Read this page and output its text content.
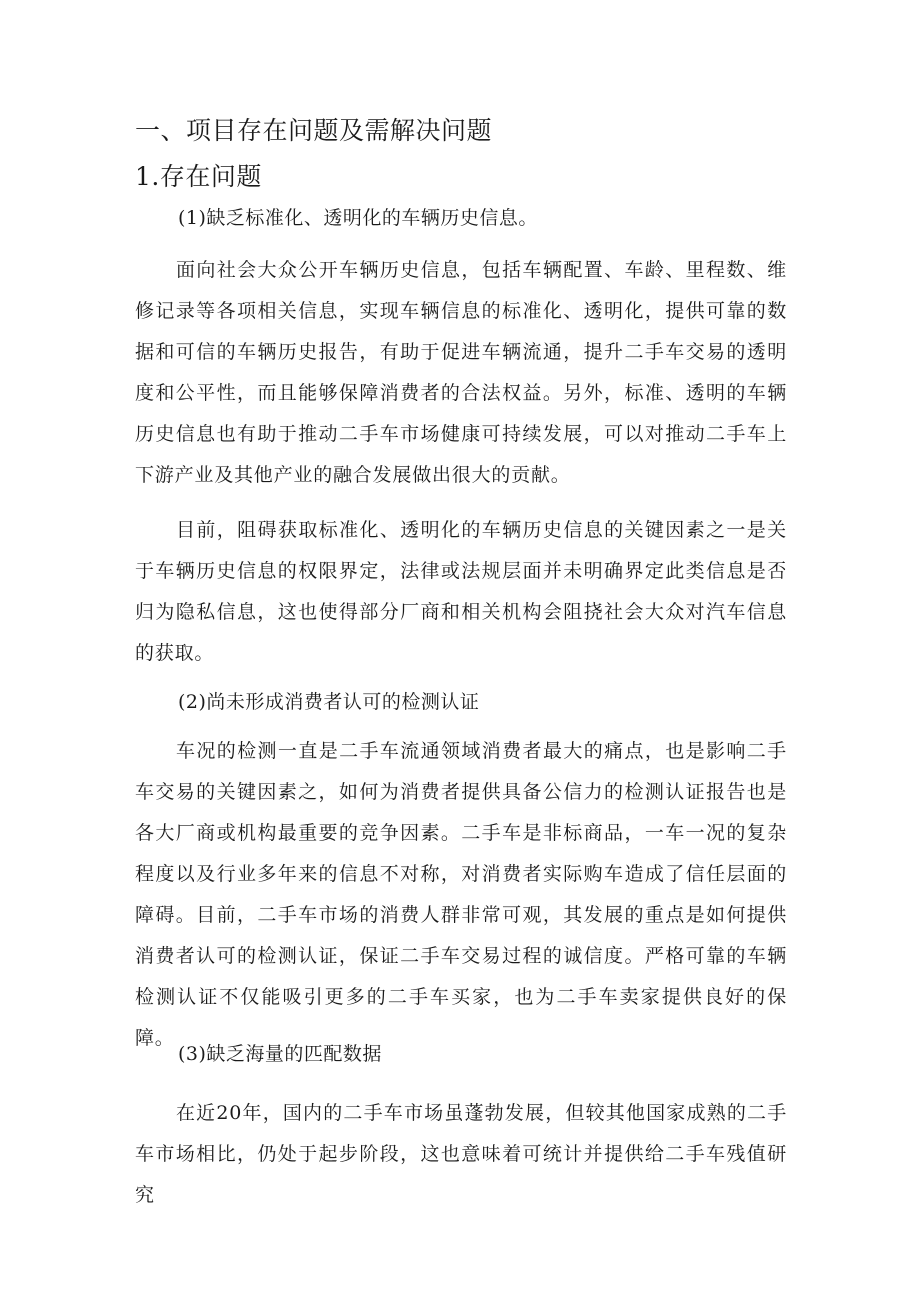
一、项目存在问题及需解决问题
1.存在问题
(1)缺乏标准化、透明化的车辆历史信息。

面向社会大众公开车辆历史信息，包括车辆配置、车龄、里程数、维修记录等各项相关信息，实现车辆信息的标准化、透明化，提供可靠的数据和可信的车辆历史报告，有助于促进车辆流通，提升二手车交易的透明度和公平性，而且能够保障消费者的合法权益。另外，标准、透明的车辆历史信息也有助于推动二手车市场健康可持续发展，可以对推动二手车上下游产业及其他产业的融合发展做出很大的贡献。

目前，阻碍获取标准化、透明化的车辆历史信息的关键因素之一是关于车辆历史信息的权限界定，法律或法规层面并未明确界定此类信息是否归为隐私信息，这也使得部分厂商和相关机构会阻挠社会大众对汽车信息的获取。

(2)尚未形成消费者认可的检测认证

车况的检测一直是二手车流通领域消费者最大的痛点，也是影响二手车交易的关键因素之，如何为消费者提供具备公信力的检测认证报告也是各大厂商或机构最重要的竞争因素。二手车是非标商品，一车一况的复杂程度以及行业多年来的信息不对称，对消费者实际购车造成了信任层面的障碍。目前，二手车市场的消费人群非常可观，其发展的重点是如何提供消费者认可的检测认证，保证二手车交易过程的诚信度。严格可靠的车辆检测认证不仅能吸引更多的二手车买家，也为二手车卖家提供良好的保障。

(3)缺乏海量的匹配数据

在近20年，国内的二手车市场虽蓬勃发展，但较其他国家成熟的二手车市场相比，仍处于起步阶段，这也意味着可统计并提供给二手车残值研究
